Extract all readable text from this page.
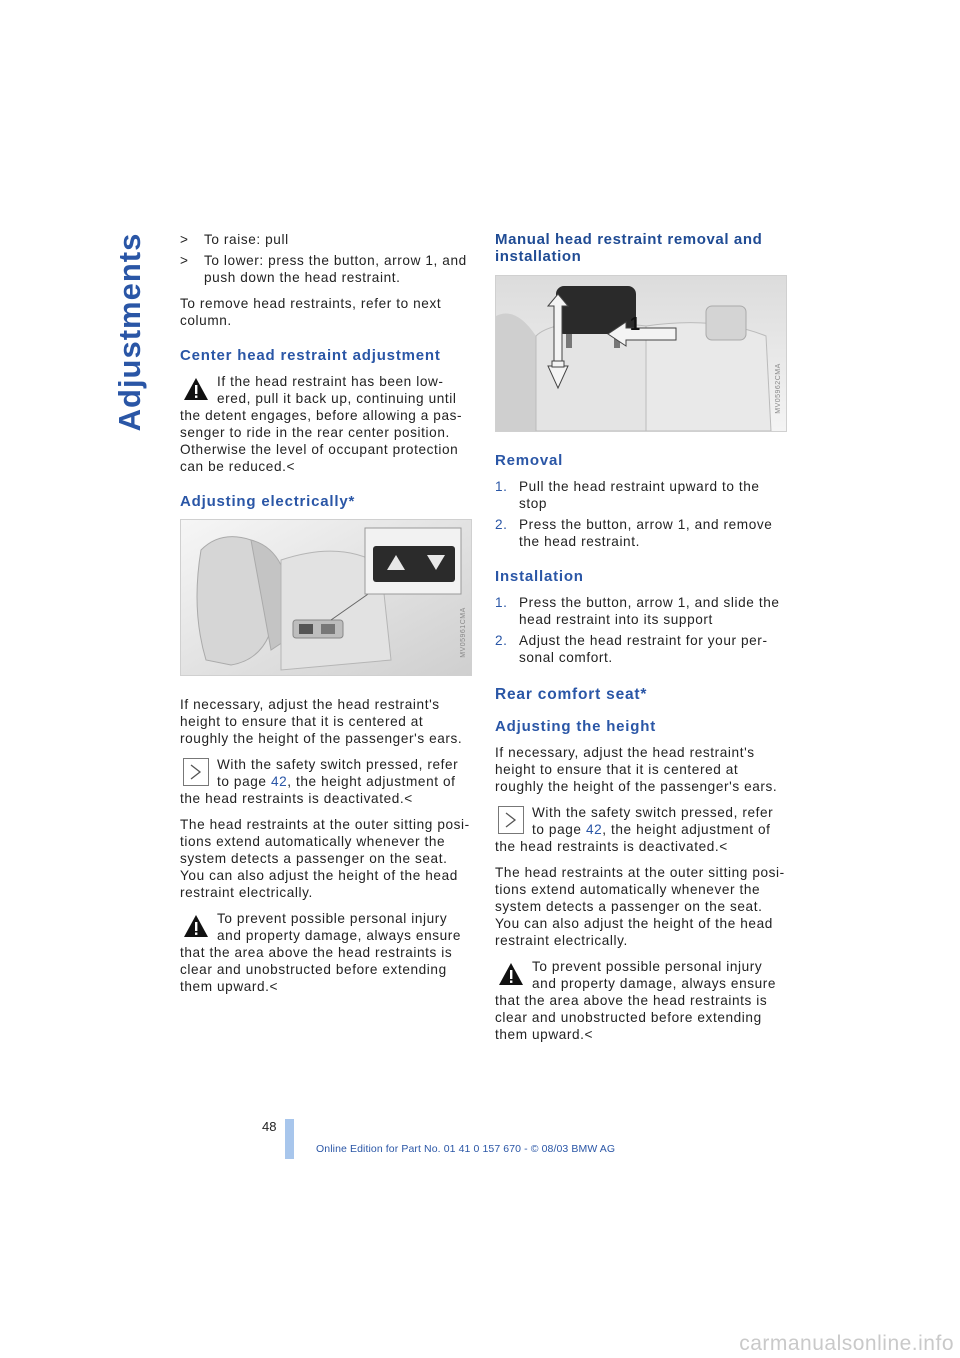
Adjustments >	To raise: pull
>	To lower: press the button, arrow 1, and push down the head restraint.

To remove head restraints, refer to next column.

Center head restraint adjustment
If the head restraint has been low-ered, pull it back up, continuing until the detent engages, before allowing a pas-senger to ride in the rear center position. Otherwise the level of occupant protection can be reduced.<
Adjusting electrically*
MV05961CMA

If necessary, adjust the head restraint's height to ensure that it is centered at roughly the height of the passenger's ears.

With the safety switch pressed, refer to page 42, the height adjustment of the head restraints is deactivated.<

The head restraints at the outer sitting posi-tions extend automatically whenever the system detects a passenger on the seat. You can also adjust the height of the head restraint electrically.

To prevent possible personal injury and property damage, always ensure that the area above the head restraints is clear and unobstructed before extending them upward.<
Manual head restraint removal and installation
1
MV05962CMA
Removal
1. Pull the head restraint upward to the stop
2. Press the button, arrow 1, and remove the head restraint.
Installation
1. Press the button, arrow 1, and slide the head restraint into its support
2. Adjust the head restraint for your per-sonal comfort.
Rear comfort seat*
Adjusting the height

If necessary, adjust the head restraint's height to ensure that it is centered at roughly the height of the passenger's ears.

With the safety switch pressed, refer to page 42, the height adjustment of the head restraints is deactivated.<

The head restraints at the outer sitting posi-tions extend automatically whenever the system detects a passenger on the seat. You can also adjust the height of the head restraint electrically.

To prevent possible personal injury and property damage, always ensure that the area above the head restraints is clear and unobstructed before extending them upward.<
48
Online Edition for Part No. 01 41 0 157 670 - © 08/03 BMW AG
carmanualsonline.info
